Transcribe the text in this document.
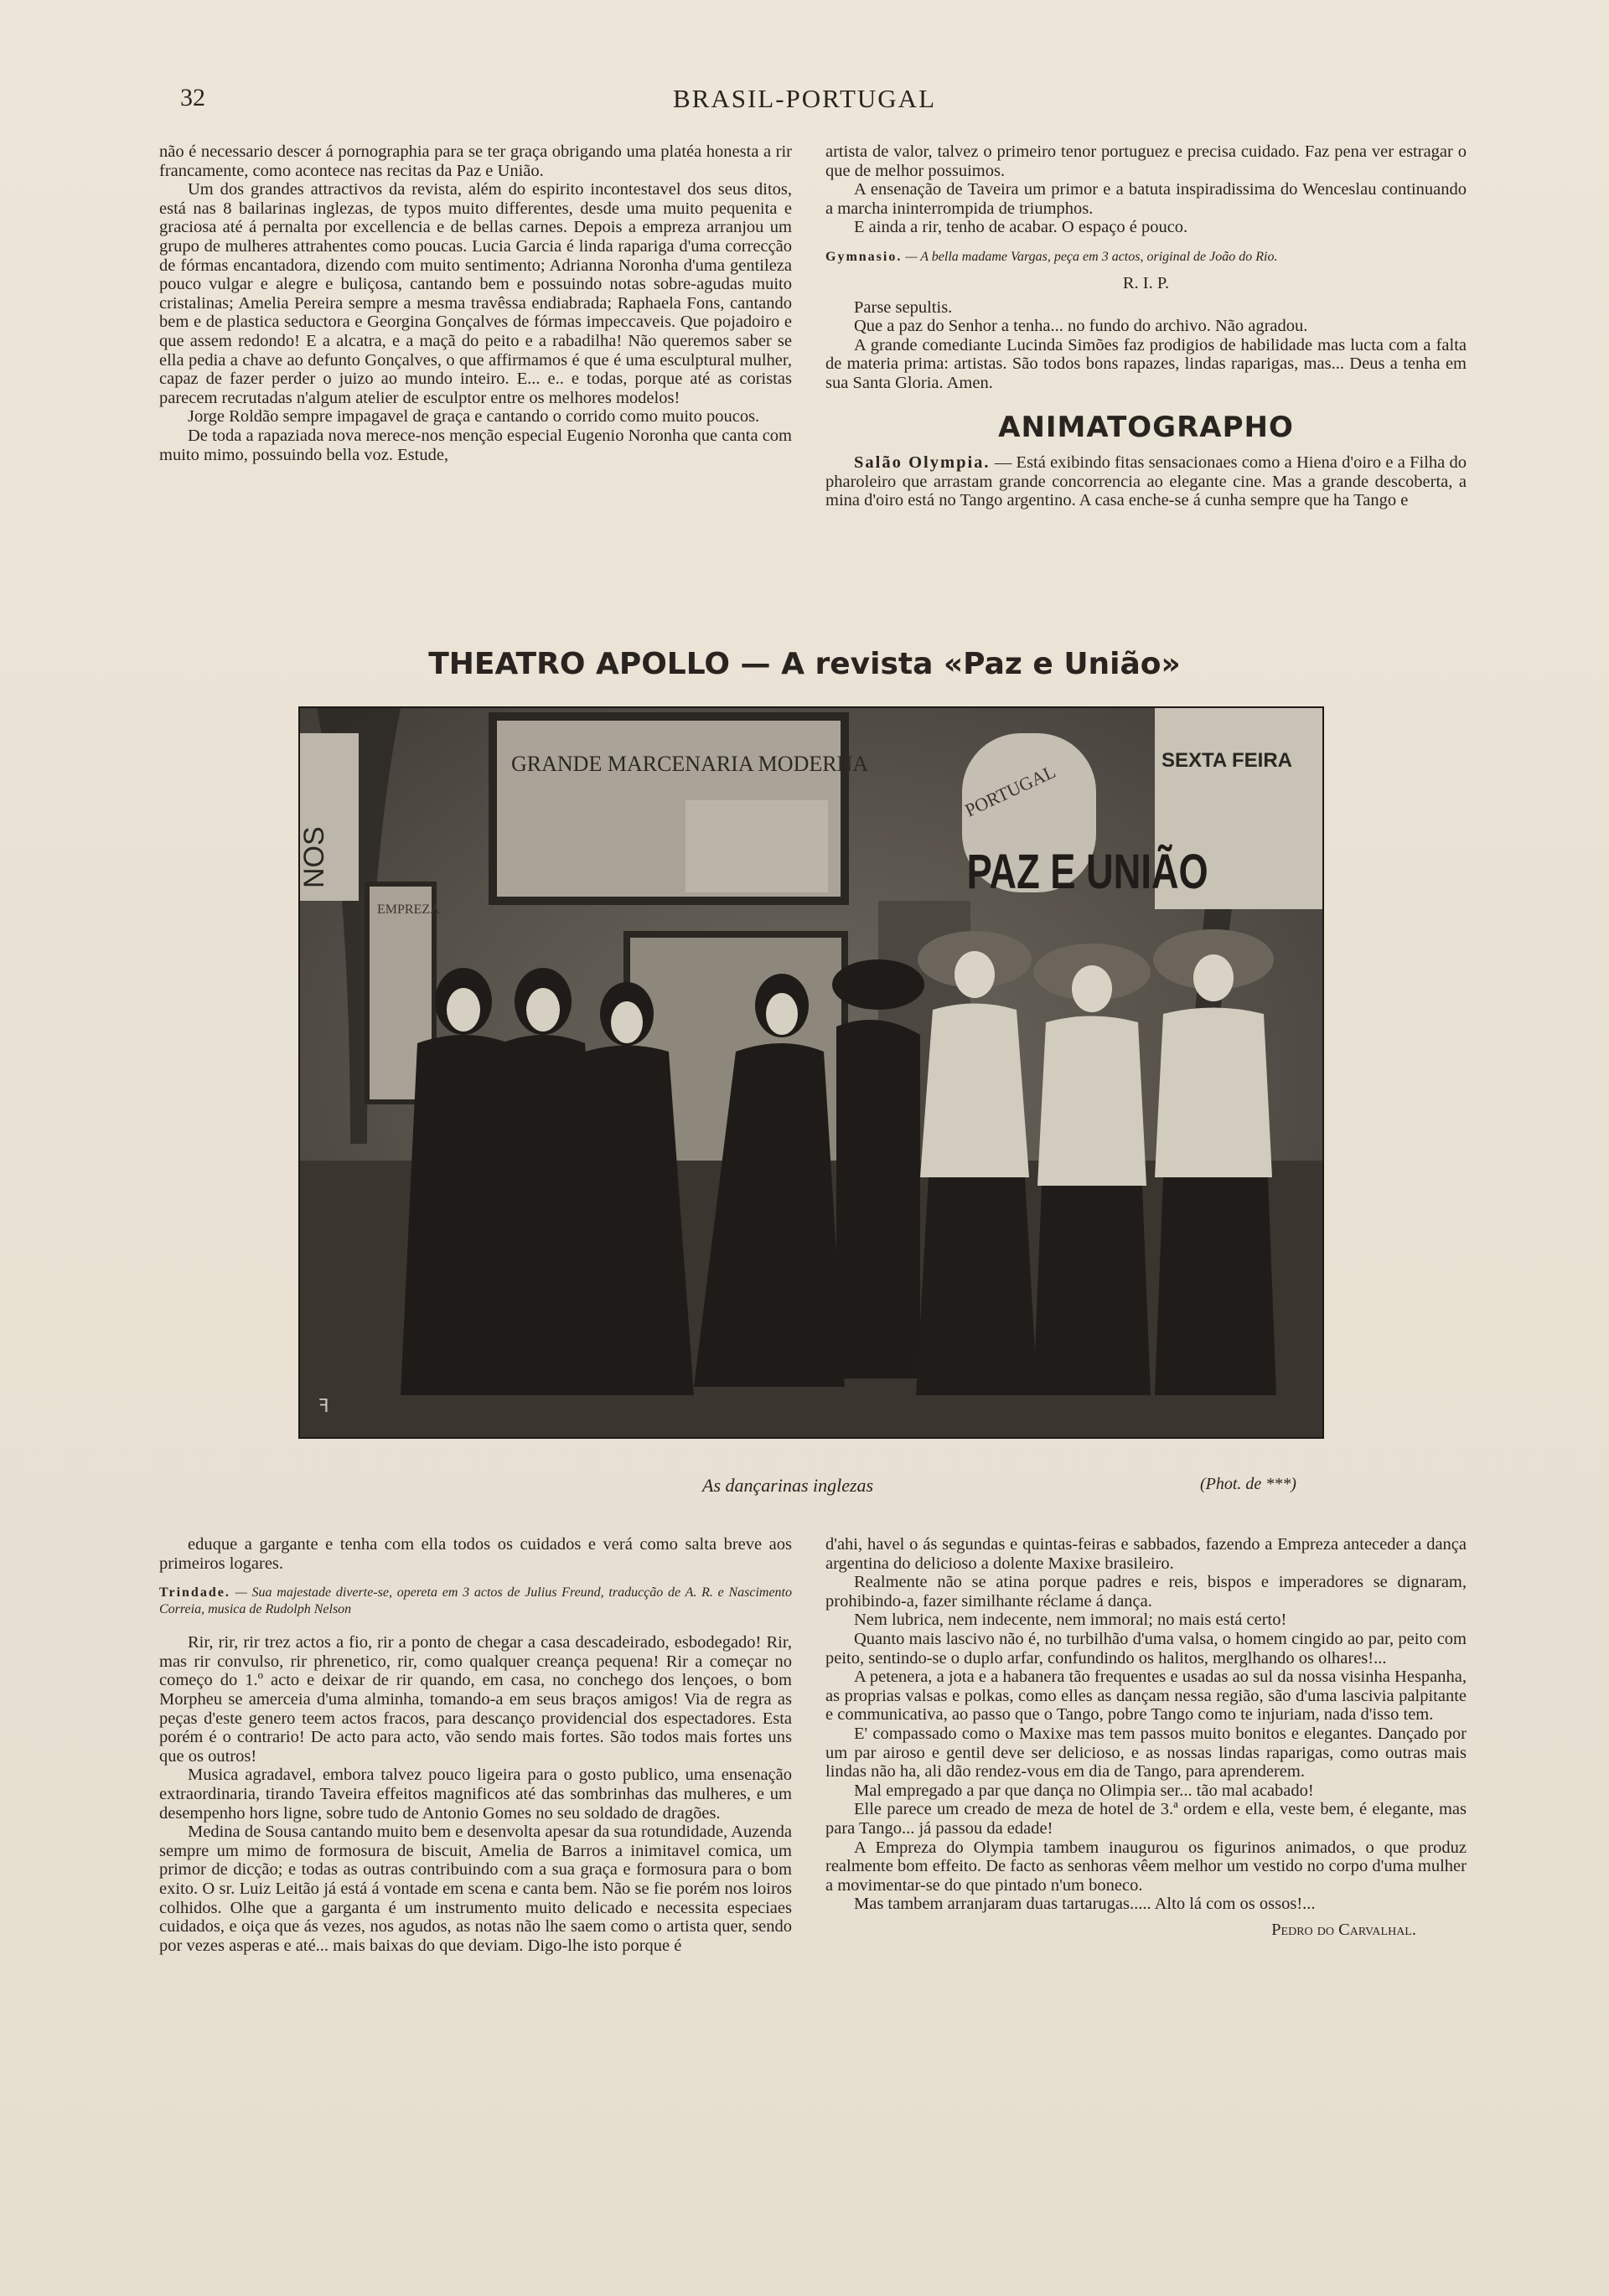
32	BRASIL-PORTUGAL

não é necessario descer á pornographia para se ter graça obrigando uma platéa honesta a rir francamente, como acontece nas recitas da Paz e União.

Um dos grandes attractivos da revista, além do espirito incontestavel dos seus ditos, está nas 8 bailarinas inglezas, de typos muito differentes, desde uma muito pequenita e graciosa até á pernalta por excellencia e de bellas carnes. Depois a empreza arranjou um grupo de mulheres attrahentes como poucas. Lucia Garcia é linda rapariga d'uma correcção de fórmas encantadora, dizendo com muito sentimento; Adrianna Noronha d'uma gentileza pouco vulgar e alegre e buliçosa, cantando bem e possuindo notas sobre-agudas muito cristalinas; Amelia Pereira sempre a mesma travêssa endiabrada; Raphaela Fons, cantando bem e de plastica seductora e Georgina Gonçalves de fórmas impeccaveis. Que pojadoiro e que assem redondo! E a alcatra, e a maçã do peito e a rabadilha! Não queremos saber se ella pedia a chave ao defunto Gonçalves, o que affirmamos é que é uma esculptural mulher, capaz de fazer perder o juizo ao mundo inteiro. E... e.. e todas, porque até as coristas parecem recrutadas n'algum atelier de esculptor entre os melhores modelos!

Jorge Roldão sempre impagavel de graça e cantando o corrido como muito poucos.

De toda a rapaziada nova merece-nos menção especial Eugenio Noronha que canta com muito mimo, possuindo bella voz. Estude,

artista de valor, talvez o primeiro tenor portuguez e precisa cuidado. Faz pena ver estragar o que de melhor possuimos.

A ensenação de Taveira um primor e a batuta inspiradissima do Wenceslau continuando a marcha ininterrompida de triumphos.

E ainda a rir, tenho de acabar. O espaço é pouco.

Gymnasio. — A bella madame Vargas, peça em 3 actos, original de João do Rio.

R. I. P.

Parse sepultis.

Que a paz do Senhor a tenha... no fundo do archivo. Não agradou.

A grande comediante Lucinda Simões faz prodigios de habilidade mas lucta com a falta de materia prima: artistas. São todos bons rapazes, lindas raparigas, mas... Deus a tenha em sua Santa Gloria. Amen.

ANIMATOGRAPHO

Salão Olympia. — Está exibindo fitas sensacionaes como a Hiena d'oiro e a Filha do pharoleiro que arrastam grande concorrencia ao elegante cine. Mas a grande descoberta, a mina d'oiro está no Tango argentino. A casa enche-se á cunha sempre que ha Tango e

THEATRO APOLLO — A revista «Paz e União»
GRANDE MARCENARIA MODERNA
NOS
PORTUGAL
SEXTA FEIRA
PAZ E UNIÃO
EMPREZA
ꟻ
As dançarinas inglezas	(Phot. de ***)

eduque a gargante e tenha com ella todos os cuidados e verá como salta breve aos primeiros logares.

Trindade. — Sua majestade diverte-se, opereta em 3 actos de Julius Freund, traducção de A. R. e Nascimento Correia, musica de Rudolph Nelson

Rir, rir, rir trez actos a fio, rir a ponto de chegar a casa descadeirado, esbodegado! Rir, mas rir convulso, rir phrenetico, rir, como qualquer creança pequena! Rir a começar no começo do 1.º acto e deixar de rir quando, em casa, no conchego dos lençoes, o bom Morpheu se amerceia d'uma alminha, tomando-a em seus braços amigos! Via de regra as peças d'este genero teem actos fracos, para descanço providencial dos espectadores. Esta porém é o contrario! De acto para acto, vão sendo mais fortes. São todos mais fortes uns que os outros!

Musica agradavel, embora talvez pouco ligeira para o gosto publico, uma ensenação extraordinaria, tirando Taveira effeitos magnificos até das sombrinhas das mulheres, e um desempenho hors ligne, sobre tudo de Antonio Gomes no seu soldado de dragões.

Medina de Sousa cantando muito bem e desenvolta apesar da sua rotundidade, Auzenda sempre um mimo de formosura de biscuit, Amelia de Barros a inimitavel comica, um primor de dicção; e todas as outras contribuindo com a sua graça e formosura para o bom exito. O sr. Luiz Leitão já está á vontade em scena e canta bem. Não se fie porém nos loiros colhidos. Olhe que a garganta é um instrumento muito delicado e necessita especiaes cuidados, e oiça que ás vezes, nos agudos, as notas não lhe saem como o artista quer, sendo por vezes asperas e até... mais baixas do que deviam. Digo-lhe isto porque é

d'ahi, havel o ás segundas e quintas-feiras e sabbados, fazendo a Empreza anteceder a dança argentina do delicioso a dolente Maxixe brasileiro.

Realmente não se atina porque padres e reis, bispos e imperadores se dignaram, prohibindo-a, fazer similhante réclame á dança.

Nem lubrica, nem indecente, nem immoral; no mais está certo!

Quanto mais lascivo não é, no turbilhão d'uma valsa, o homem cingido ao par, peito com peito, sentindo-se o duplo arfar, confundindo os halitos, merglhando os olhares!...

A petenera, a jota e a habanera tão frequentes e usadas ao sul da nossa visinha Hespanha, as proprias valsas e polkas, como elles as dançam nessa região, são d'uma lascivia palpitante e communicativa, ao passo que o Tango, pobre Tango como te injuriam, nada d'isso tem.

E' compassado como o Maxixe mas tem passos muito bonitos e elegantes. Dançado por um par airoso e gentil deve ser delicioso, e as nossas lindas raparigas, como outras mais lindas não ha, ali dão rendez-vous em dia de Tango, para aprenderem.

Mal empregado a par que dança no Olimpia ser... tão mal acabado!

Elle parece um creado de meza de hotel de 3.ª ordem e ella, veste bem, é elegante, mas para Tango... já passou da edade!

A Empreza do Olympia tambem inaugurou os figurinos animados, o que produz realmente bom effeito. De facto as senhoras vêem melhor um vestido no corpo d'uma mulher a movimentar-se do que pintado n'um boneco.

Mas tambem arranjaram duas tartarugas..... Alto lá com os ossos!...

Pedro do Carvalhal.
